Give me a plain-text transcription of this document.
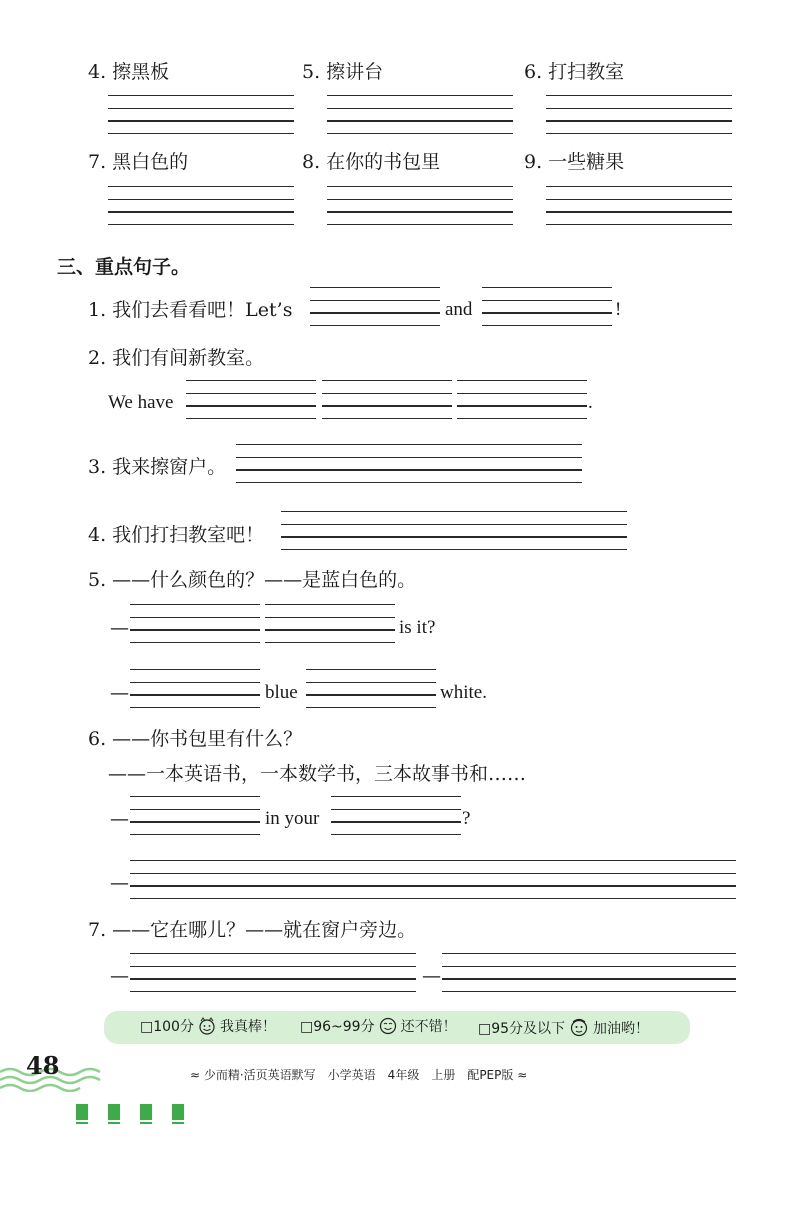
4. 擦黑板	5. 擦讲台	6. 打扫教室
7. 黑白色的	8. 在你的书包里	9. 一些糖果
三、重点句子。
1. 我们去看看吧！Let’s	and	!
2. 我们有间新教室。
We have	.
3. 我来擦窗户。
4. 我们打扫教室吧！
5. ——什么颜色的？——是蓝白色的。
—	is it?
—	blue	white.
6. ——你书包里有什么？
——一本英语书，一本数学书，三本故事书和……
—	in your	?
—
7. ——它在哪儿？——就在窗户旁边。
—	—
□100分 我真棒！ □96~99分 还不错！ □95分及以下 加油哟！
48	≈ 少而精·活页英语默写　小学英语　4年级　上册　配PEP版 ≈
